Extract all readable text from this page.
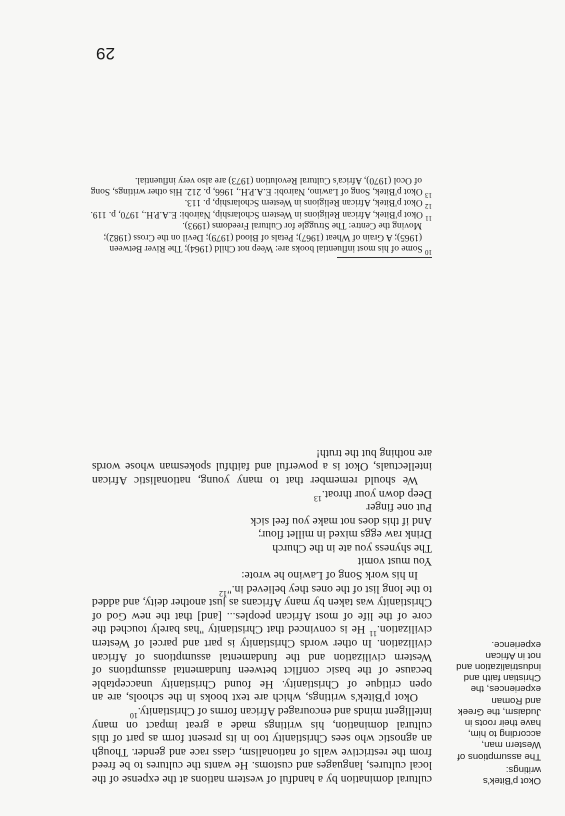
Okot p'Bitek's writings:

The assumptions of Western man, according to him, have their roots in Judaism, the Greek and Roman experiences, the Christian faith and industrialization and not in African experience.

cultural domination by a handful of western nations at the expense of the local cultures, languages and customs. He wants the cultures to be freed from the restrictive walls of nationalism, class race and gender. Though an agnostic who sees Christianity too in its present form as part of this cultural domination, his writings made a great impact on many intelligent minds and encouraged African forms of Christianity.$^{10}$

Okot p'Bitek's writings, which are text books in the schools, are an open critique of Christianity. He found Christianity unacceptable because of the basic conflict between fundamental assumptions of Western civilization and the fundamental assumptions of African civilization. In other words Christianity is part and parcel of Western civilization.$^{11}$ He is convinced that Christianity "has barely touched the core of the life of most African peoples... [and] that the new God of Christianity was taken by many Africans as just another deity, and added to the long list of the ones they believed in."$^{12}$

In his work Song of Lawino he wrote:

You must vomit
The shyness you ate in the Church
Drink raw eggs mixed in millet flour;
And if this does not make you feel sick
Put one finger
Deep down your throat.$^{13}$

We should remember that to many young, nationalistic African intellectuals, Okot is a powerful and faithful spokesman whose words are nothing but the truth!

$^{10}$ Some of his most influential books are: Weep not Child (1964); The River Between (1965); A Grain of Wheat (1967); Petals of Blood (1979); Devil on the Cross (1982); Moving the Centre: The Struggle for Cultural Freedoms (1993).

$^{11}$ Okot p'Bitek, African Religions in Western Scholarship, Nairobi: E.A.P.H., 1970, p. 119.

$^{12}$ Okot p'Bitek, African Religions in Western Scholarship, p. 113.

$^{13}$ Okot p'Bitek, Song of Lawino, Nairobi: E.A.P.H., 1966, p. 212. His other writings, Song of Ocol (1970), Africa's Cultural Revolution (1973) are also very influential.

29
